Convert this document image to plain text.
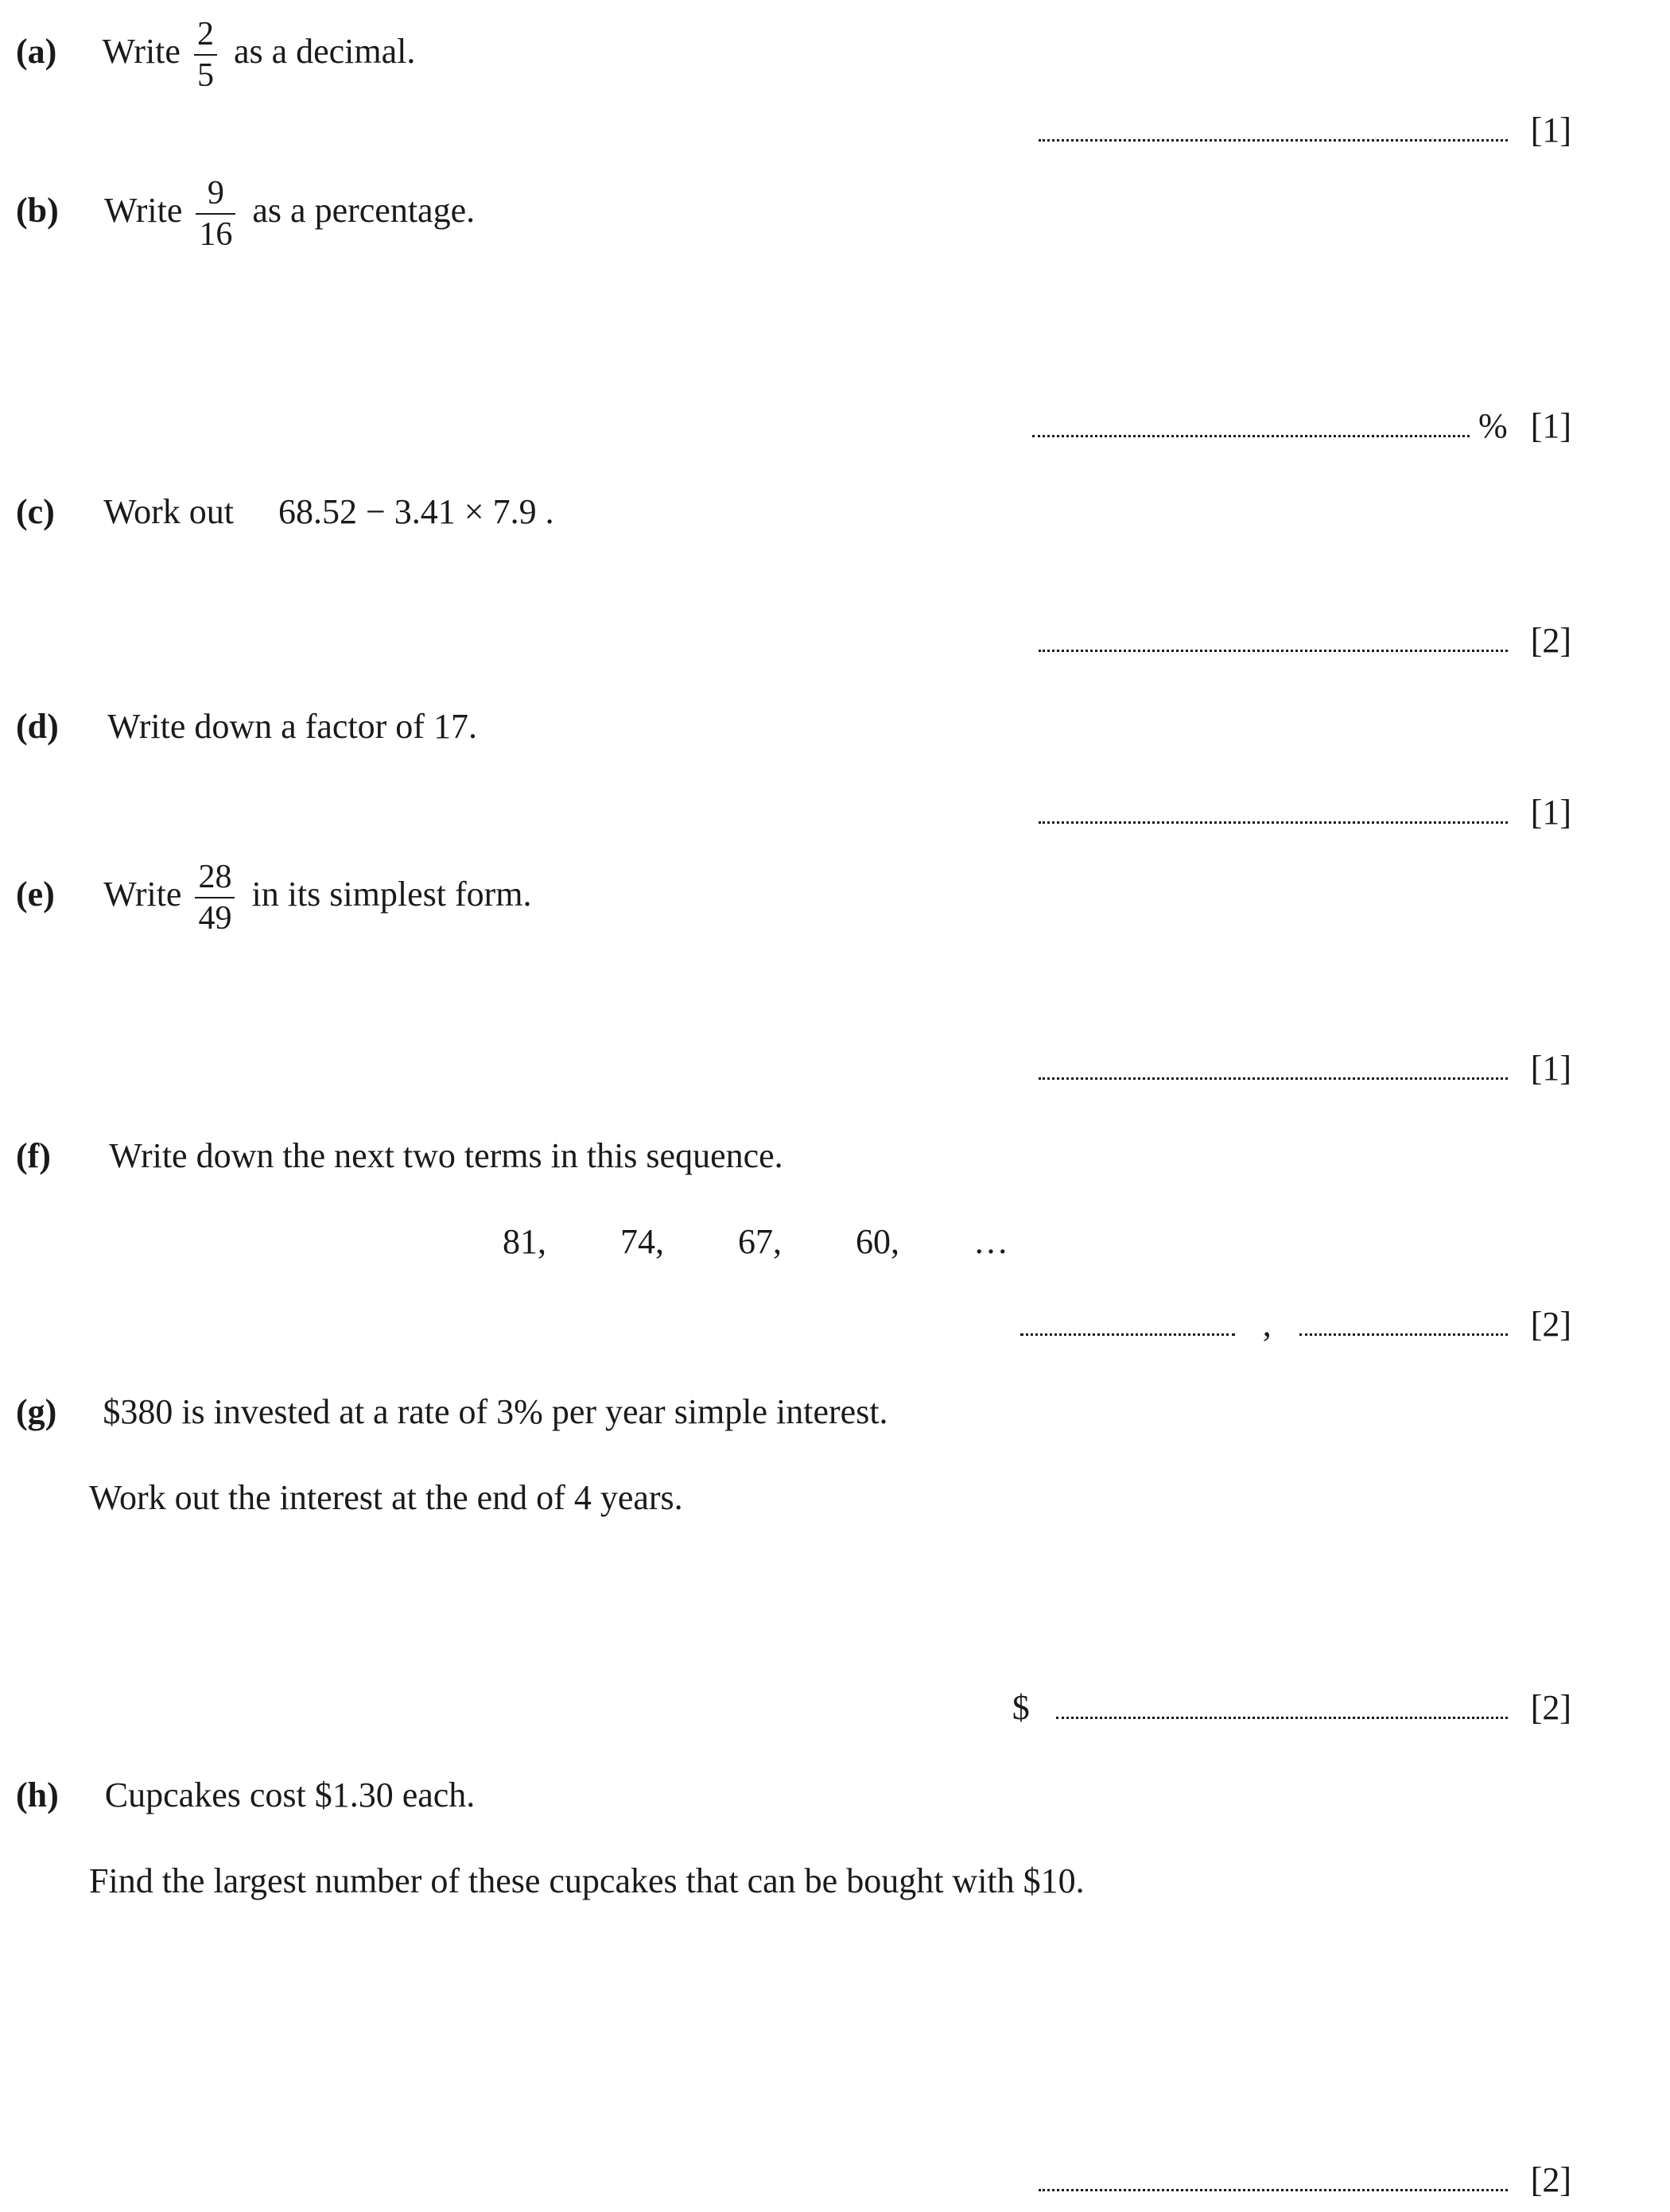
(a) Write $\frac{2}{5}$ as a decimal.
[1]
(b) Write $\frac{9}{16}$ as a percentage.
% [1]
(c) Work out 68.52 − 3.41 × 7.9 .
[2]
(d) Write down a factor of 17.
[1]
(e) Write $\frac{28}{49}$ in its simplest form.
[1]
(f) Write down the next two terms in this sequence.
81, 74, 67, 60, …
,	[2]
(g) $380 is invested at a rate of 3% per year simple interest.
Work out the interest at the end of 4 years.
$	[2]
(h) Cupcakes cost $1.30 each.
Find the largest number of these cupcakes that can be bought with $10.
[2]
